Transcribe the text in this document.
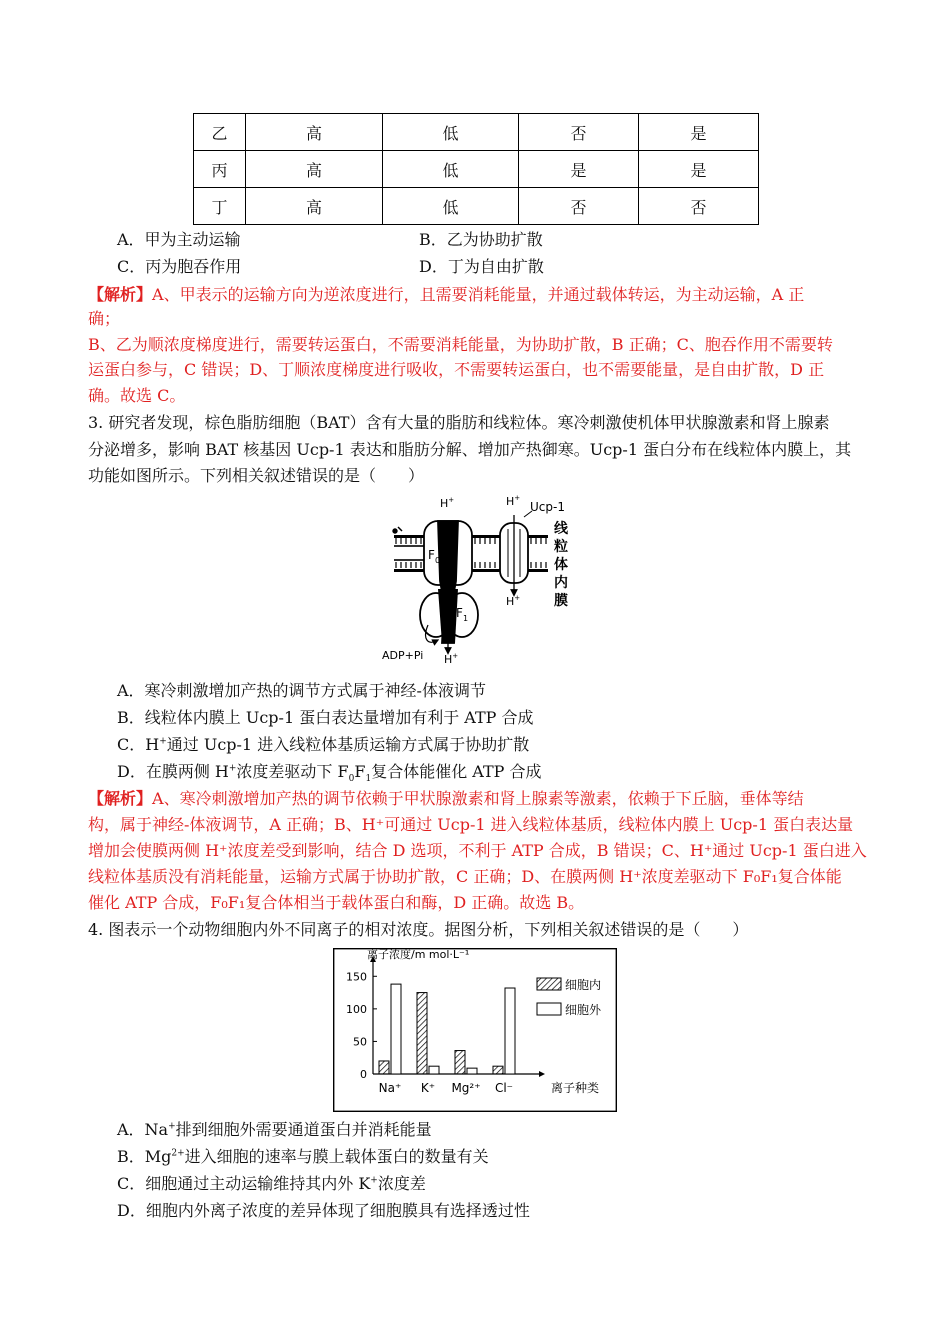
乙	高	低	否	是
丙	高	低	是	是
丁	高	低	否	否
A．甲为主动运输	B．乙为协助扩散
C．丙为胞吞作用	D．丁为自由扩散
【解析】A、甲表示的运输方向为逆浓度进行，且需要消耗能量，并通过载体转运，为主动运输，A 正
确；
B、乙为顺浓度梯度进行，需要转运蛋白，不需要消耗能量，为协助扩散，B 正确；C、胞吞作用不需要转
运蛋白参与，C 错误；D、丁顺浓度梯度进行吸收，不需要转运蛋白，也不需要能量，是自由扩散，D 正
确。故选 C。
3. 研究者发现，棕色脂肪细胞（BAT）含有大量的脂肪和线粒体。寒冷刺激使机体甲状腺激素和肾上腺素
分泌增多，影响 BAT 核基因 Ucp-1 表达和脂肪分解、增加产热御寒。Ucp-1 蛋白分布在线粒体内膜上，其
功能如图所示。下列相关叙述错误的是（　　）
F 0
F 1
Ucp-1
H+	H+
H+
H+
ADP+Pi
线
粒
体
内
膜
A．寒冷刺激增加产热的调节方式属于神经-体液调节
B．线粒体内膜上 Ucp-1 蛋白表达量增加有利于 ATP 合成
C．H+通过 Ucp-1 进入线粒体基质运输方式属于协助扩散
D．在膜两侧 H+浓度差驱动下 $F_0F_1$复合体能催化 ATP 合成
【解析】A、寒冷刺激增加产热的调节依赖于甲状腺激素和肾上腺素等激素，依赖于下丘脑，垂体等结
构，属于神经-体液调节，A 正确；B、H⁺可通过 Ucp-1 进入线粒体基质，线粒体内膜上 Ucp-1 蛋白表达量
增加会使膜两侧 H⁺浓度差受到影响，结合 D 选项，不利于 ATP 合成，B 错误；C、H⁺通过 Ucp-1 蛋白进入
线粒体基质没有消耗能量，运输方式属于协助扩散，C 正确；D、在膜两侧 H⁺浓度差驱动下 F₀F₁复合体能
催化 ATP 合成，F₀F₁复合体相当于载体蛋白和酶，D 正确。故选 B。
4. 图表示一个动物细胞内外不同离子的相对浓度。据图分析，下列相关叙述错误的是（　　）
0
50
100
150
离子浓度/m mol·L⁻¹
Na⁺ K⁺ Mg²⁺ Cl⁻	离子种类
细胞内
细胞外
A．Na+排到细胞外需要通道蛋白并消耗能量
B．$Mg^{2+}$进入细胞的速率与膜上载体蛋白的数量有关
C．细胞通过主动运输维持其内外 K+浓度差
D．细胞内外离子浓度的差异体现了细胞膜具有选择透过性
